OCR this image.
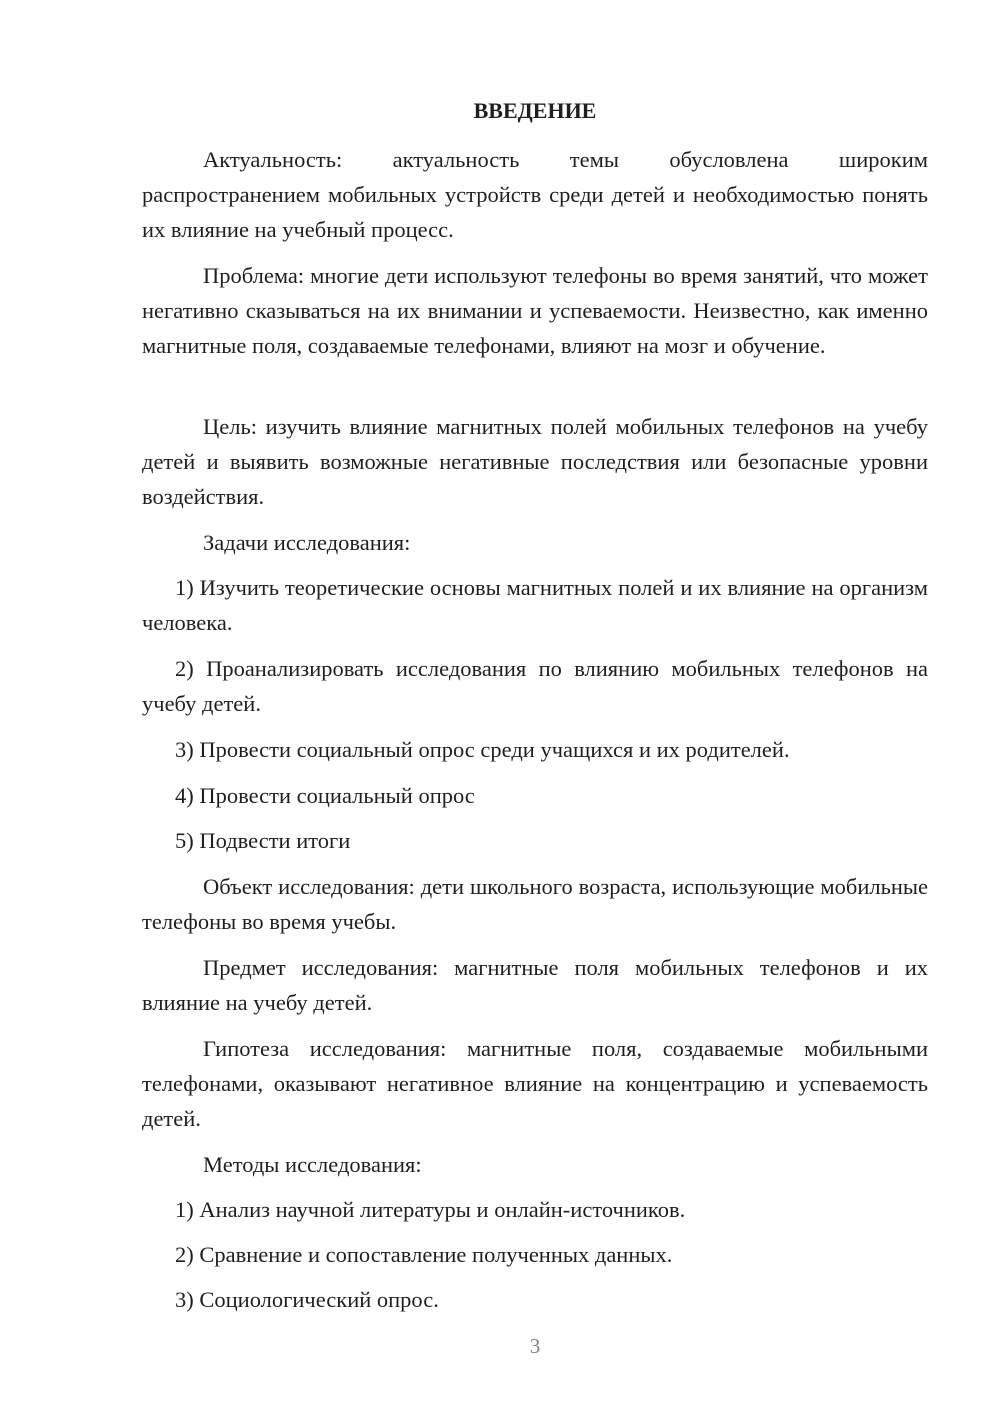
ВВЕДЕНИЕ

Актуальность: актуальность темы обусловлена широким распространением мобильных устройств среди детей и необходимостью понять их влияние на учебный процесс.

Проблема: многие дети используют телефоны во время занятий, что может негативно сказываться на их внимании и успеваемости. Неизвестно, как именно магнитные поля, создаваемые телефонами, влияют на мозг и обучение.

Цель: изучить влияние магнитных полей мобильных телефонов на учебу детей и выявить возможные негативные последствия или безопасные уровни воздействия.

Задачи исследования:

1) Изучить теоретические основы магнитных полей и их влияние на организм человека.

2) Проанализировать исследования по влиянию мобильных телефонов на учебу детей.

3) Провести социальный опрос среди учащихся и их родителей.

4) Провести социальный опрос

5) Подвести итоги

Объект исследования: дети школьного возраста, использующие мобильные телефоны во время учебы.

Предмет исследования: магнитные поля мобильных телефонов и их влияние на учебу детей.

Гипотеза исследования: магнитные поля, создаваемые мобильными телефонами, оказывают негативное влияние на концентрацию и успеваемость детей.

Методы исследования:

1) Анализ научной литературы и онлайн-источников.

2) Сравнение и сопоставление полученных данных.

3) Социологический опрос.

3
